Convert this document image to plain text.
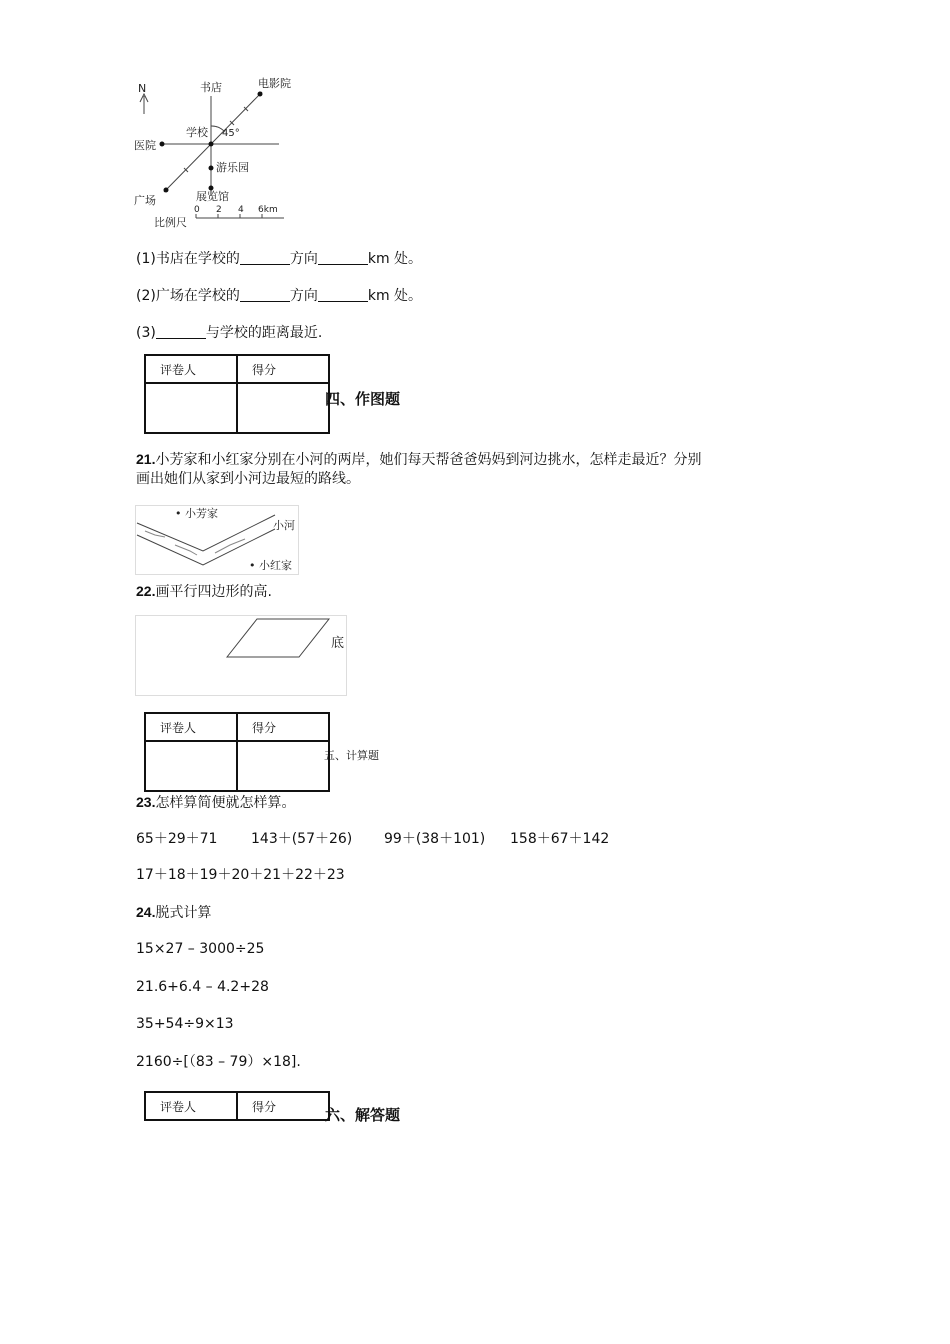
N	书店	电影院
学校 45°
医院
游乐园
广场	展览馆
比例尺
0 2 4 6km
(1)书店在学校的	方向	km 处。
(2)广场在学校的	方向	km 处。
(3)	与学校的距离最近.
评卷人	得分

四、作图题
21.小芳家和小红家分别在小河的两岸，她们每天帮爸爸妈妈到河边挑水，怎样走最近？分别
画出她们从家到小河边最短的路线。
• 小芳家
小河
• 小红家
22.画平行四边形的高.
底
评卷人	得分

五、计算题
23.怎样算简便就怎样算。
65＋29＋71 143＋(57＋26) 99＋(38＋101) 158＋67＋142
17＋18＋19＋20＋21＋22＋23
24.脱式计算
15×27 – 3000÷25
21.6+6.4 – 4.2+28
35+54÷9×13
2160÷[（83 – 79）×18].
评卷人	得分	六、解答题
